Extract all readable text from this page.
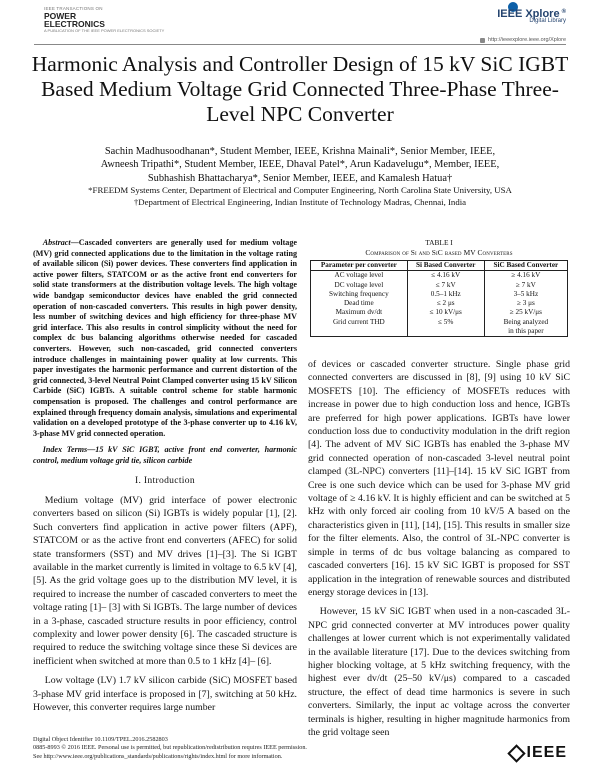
IEEE TRANSACTIONS ON
POWER
ELECTRONICS
A PUBLICATION OF THE IEEE POWER ELECTRONICS SOCIETY
IEEE Xplore ®
Digital Library
http://ieeexplore.ieee.org/Xplore
Harmonic Analysis and Controller Design of 15 kV SiC IGBT Based Medium Voltage Grid Connected Three-Phase Three-Level NPC Converter
Sachin Madhusoodhanan*, Student Member, IEEE, Krishna Mainali*, Senior Member, IEEE,
Awneesh Tripathi*, Student Member, IEEE, Dhaval Patel*, Arun Kadavelugu*, Member, IEEE,
Subhashish Bhattacharya*, Senior Member, IEEE, and Kamalesh Hatua†
*FREEDM Systems Center, Department of Electrical and Computer Engineering, North Carolina State University, USA
†Department of Electrical Engineering, Indian Institute of Technology Madras, Chennai, India
Abstract—Cascaded converters are generally used for medium voltage (MV) grid connected applications due to the limitation in the voltage rating of available silicon (Si) power devices. These converters find application in active power filters, STATCOM or as the active front end converters for solid state transformers at the distribution voltage levels. The high voltage wide bandgap semiconductor devices have enabled the grid connected operation of non-cascaded converters. This results in high power density, less number of switching devices and high efficiency for three-phase MV grid interface. This also results in control simplicity without the need for complex dc bus balancing algorithms otherwise needed for cascaded converters. However, such non-cascaded, grid connected converters introduce challenges in maintaining power quality at low currents. This paper investigates the harmonic performance and current distortion of the grid connected, 3-level Neutral Point Clamped converter using 15 kV Silicon Carbide (SiC) IGBTs. A suitable control scheme for stable harmonic compensation is proposed. The challenges and control performance are explained through frequency domain analysis, simulations and experimental validation on a developed prototype of the 3-phase converter up to 4.16 kV, 3-phase MV grid connected operation.
Index Terms—15 kV SiC IGBT, active front end converter, harmonic control, medium voltage grid tie, silicon carbide
I. Introduction
Medium voltage (MV) grid interface of power electronic converters based on silicon (Si) IGBTs is widely popular [1], [2]. Such converters find application in active power filters (APF), STATCOM or as the active front end converters (AFEC) for solid state transformers (SST) and MV drives [1]–[3]. The Si IGBT available in the market currently is limited in voltage to 6.5 kV [4], [5]. As the grid voltage goes up to the distribution MV level, it is required to increase the number of cascaded converters to meet the voltage rating [1]– [3] with Si IGBTs. The large number of devices in a 3-phase, cascaded structure results in poor efficiency, control complexity and lower power density [6]. The cascaded structure is required to reduce the switching voltage since these Si devices are inefficient when switched at more than 0.5 to 1 kHz [4]– [6].
Low voltage (LV) 1.7 kV silicon carbide (SiC) MOSFET based 3-phase MV grid interface is proposed in [7], switching at 50 kHz. However, this converter requires large number
TABLE I
Comparison of Si and SiC based MV Converters
Parameter per converter	Si Based Converter	SiC Based Converter
AC voltage level	≤ 4.16 kV	≥ 4.16 kV
DC voltage level	≤ 7 kV	≥ 7 kV
Switching frequency	0.5–1 kHz	3–5 kHz
Dead time	≤ 2 μs	≥ 3 μs
Maximum dv/dt	≤ 10 kV/μs	≥ 25 kV/μs
Grid current THD	≤ 5%	Being analyzed
		in this paper
of devices or cascaded converter structure. Single phase grid connected converters are discussed in [8], [9] using 10 kV SiC MOSFETS [10]. The efficiency of MOSFETs reduces with increase in power due to high conduction loss and hence, IGBTs are preferred for high power applications. IGBTs have lower conduction loss due to conductivity modulation in the drift region [4]. The advent of MV SiC IGBTs has enabled the 3-phase MV grid connected operation of non-cascaded 3-level neutral point clamped (3L-NPC) converters [11]–[14]. 15 kV SiC IGBT from Cree is one such device which can be used for 3-phase MV grid voltage of ≥ 4.16 kV. It is highly efficient and can be switched at 5 kHz with only forced air cooling from 10 kV/5 A based on the characteristics given in [11], [14], [15]. This results in smaller size for the filter elements. Also, the control of 3L-NPC converter is simple in terms of dc bus voltage balancing as compared to cascaded converters [16]. 15 kV SiC IGBT is proposed for SST application in the integration of renewable sources and distributed energy storage devices in [13].
However, 15 kV SiC IGBT when used in a non-cascaded 3L-NPC grid connected converter at MV introduces power quality challenges at lower current which is not experimentally validated in the available literature [17]. Due to the devices switching from higher blocking voltage, at 5 kHz switching frequency, with the highest ever dv/dt (25–50 kV/μs) compared to a cascaded structure, the effect of dead time harmonics is severe in such converters. Similarly, the input ac voltage across the converter terminals is higher, resulting in higher magnitude harmonics from the grid voltage seen
Digital Object Identifier 10.1109/TPEL.2016.2582803
0885-8993 © 2016 IEEE. Personal use is permitted, but republication/redistribution requires IEEE permission.
See http://www.ieee.org/publications_standards/publications/rights/index.html for more information.	IEEE
